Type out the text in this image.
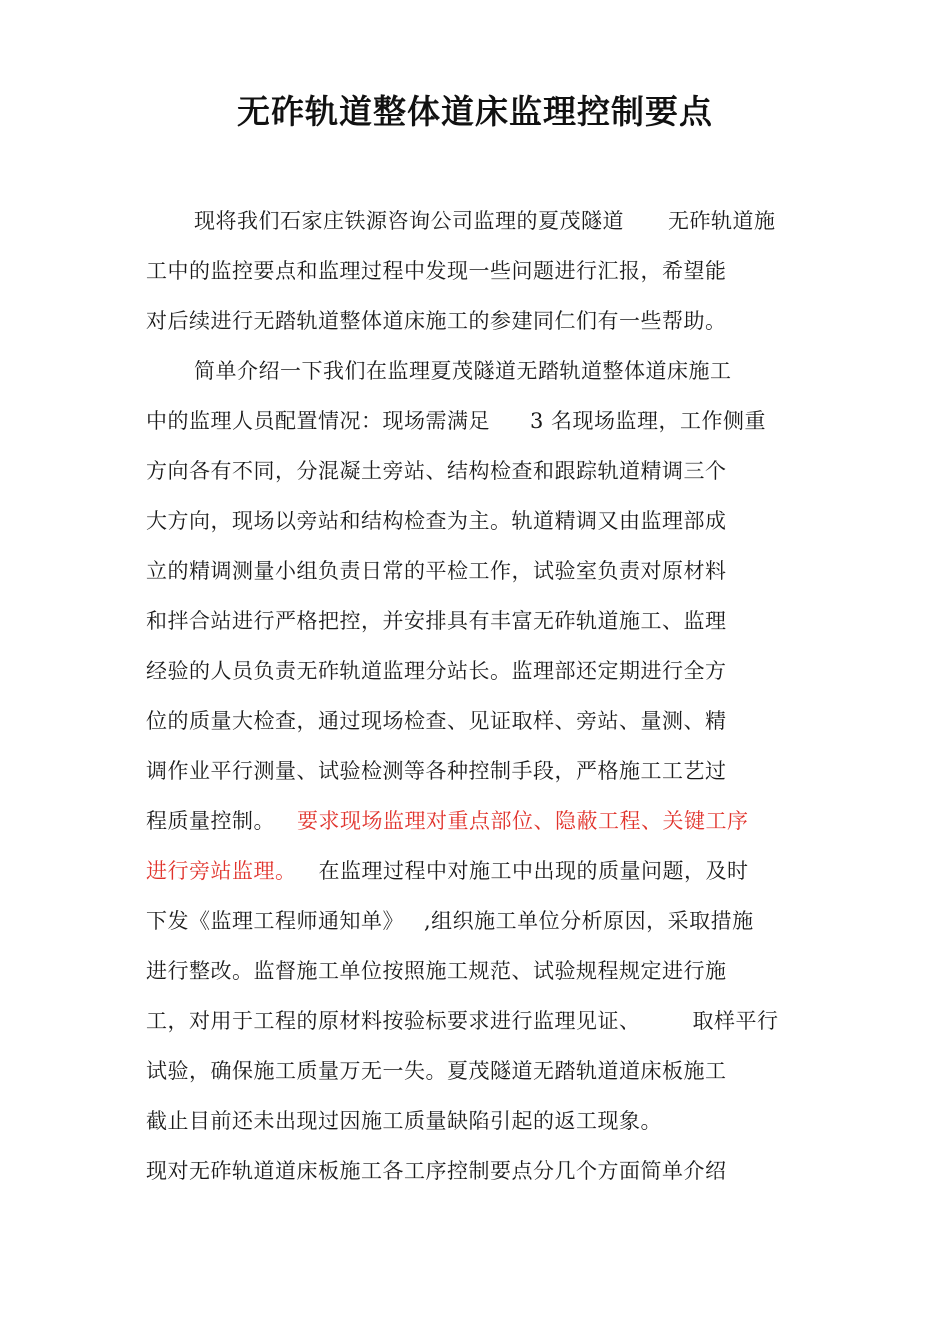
无砟轨道整体道床监理控制要点
现将我们石家庄铁源咨询公司监理的夏茂隧道 无砟轨道施
工中的监控要点和监理过程中发现一些问题进行汇报，希望能
对后续进行无踏轨道整体道床施工的参建同仁们有一些帮助。
简单介绍一下我们在监理夏茂隧道无踏轨道整体道床施工
中的监理人员配置情况：现场需满足 3 名现场监理，工作侧重
方向各有不同，分混凝土旁站、结构检查和跟踪轨道精调三个
大方向，现场以旁站和结构检查为主。轨道精调又由监理部成
立的精调测量小组负责日常的平检工作，试验室负责对原材料
和拌合站进行严格把控，并安排具有丰富无砟轨道施工、监理
经验的人员负责无砟轨道监理分站长。监理部还定期进行全方
位的质量大检查，通过现场检查、见证取样、旁站、量测、精
调作业平行测量、试验检测等各种控制手段，严格施工工艺过
程质量控制。 要求现场监理对重点部位、隐蔽工程、关键工序
进行旁站监理。 在监理过程中对施工中出现的质量问题，及时
下发《监理工程师通知单》 ,组织施工单位分析原因，采取措施
进行整改。监督施工单位按照施工规范、试验规程规定进行施
工，对用于工程的原材料按验标要求进行监理见证、 取样平行
试验，确保施工质量万无一失。夏茂隧道无踏轨道道床板施工
截止目前还未出现过因施工质量缺陷引起的返工现象。
现对无砟轨道道床板施工各工序控制要点分几个方面简单介绍
